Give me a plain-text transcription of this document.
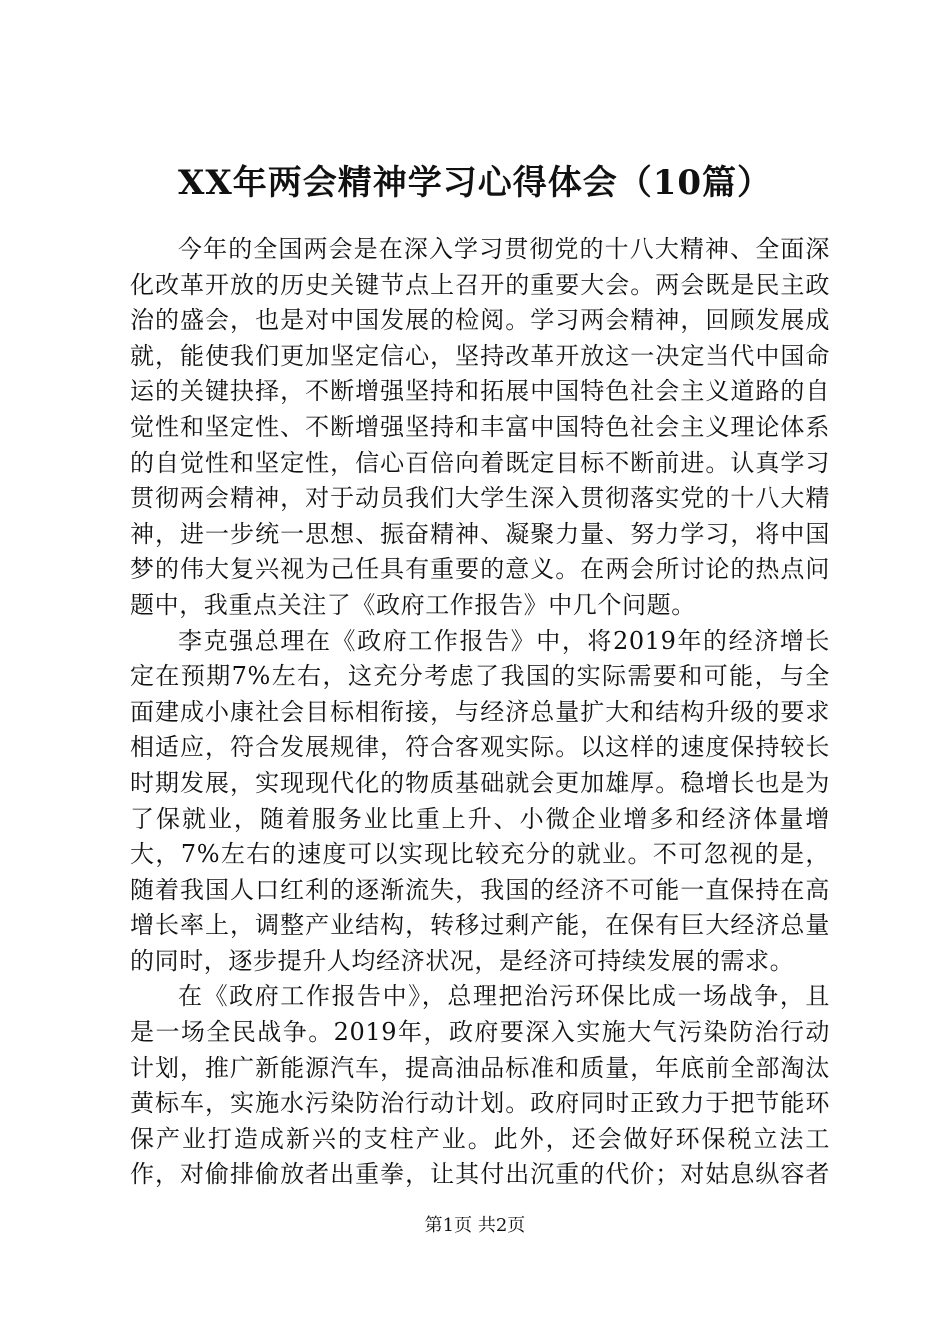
XX年两会精神学习心得体会（10篇）

今年的全国两会是在深入学习贯彻党的十八大精神、全面深化改革开放的历史关键节点上召开的重要大会。两会既是民主政治的盛会，也是对中国发展的检阅。学习两会精神，回顾发展成就，能使我们更加坚定信心，坚持改革开放这一决定当代中国命运的关键抉择，不断增强坚持和拓展中国特色社会主义道路的自觉性和坚定性、不断增强坚持和丰富中国特色社会主义理论体系的自觉性和坚定性，信心百倍向着既定目标不断前进。认真学习贯彻两会精神，对于动员我们大学生深入贯彻落实党的十八大精神，进一步统一思想、振奋精神、凝聚力量、努力学习，将中国梦的伟大复兴视为己任具有重要的意义。在两会所讨论的热点问题中，我重点关注了《政府工作报告》中几个问题。

李克强总理在《政府工作报告》中，将2019年的经济增长定在预期7%左右，这充分考虑了我国的实际需要和可能，与全面建成小康社会目标相衔接，与经济总量扩大和结构升级的要求相适应，符合发展规律，符合客观实际。以这样的速度保持较长时期发展，实现现代化的物质基础就会更加雄厚。稳增长也是为了保就业，随着服务业比重上升、小微企业增多和经济体量增大，7%左右的速度可以实现比较充分的就业。不可忽视的是，随着我国人口红利的逐渐流失，我国的经济不可能一直保持在高增长率上，调整产业结构，转移过剩产能，在保有巨大经济总量的同时，逐步提升人均经济状况，是经济可持续发展的需求。

在《政府工作报告中》，总理把治污环保比成一场战争，且是一场全民战争。2019年，政府要深入实施大气污染防治行动计划，推广新能源汽车，提高油品标准和质量，年底前全部淘汰黄标车，实施水污染防治行动计划。政府同时正致力于把节能环保产业打造成新兴的支柱产业。此外，还会做好环保税立法工作，对偷排偷放者出重拳，让其付出沉重的代价；对姑息纵容者

第1页 共2页
